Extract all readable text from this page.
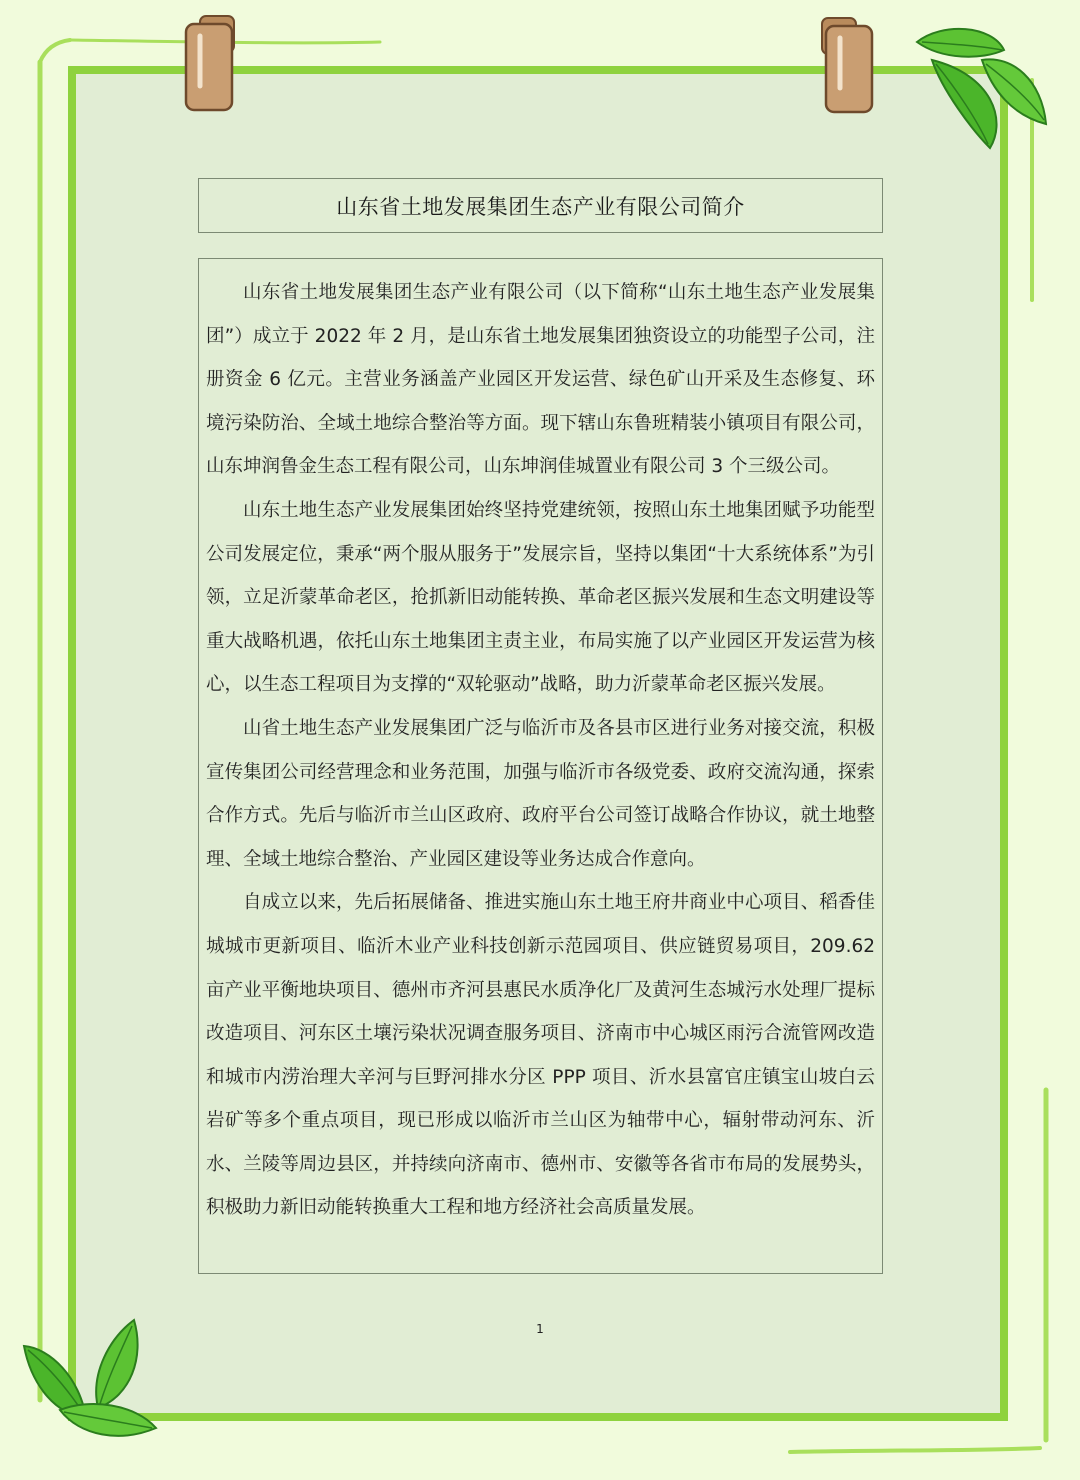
山东省土地发展集团生态产业有限公司简介

山东省土地发展集团生态产业有限公司（以下简称“山东土地生态产业发展集团”）成立于 2022 年 2 月，是山东省土地发展集团独资设立的功能型子公司，注册资金 6 亿元。主营业务涵盖产业园区开发运营、绿色矿山开采及生态修复、环境污染防治、全域土地综合整治等方面。现下辖山东鲁班精装小镇项目有限公司，山东坤润鲁金生态工程有限公司，山东坤润佳城置业有限公司 3 个三级公司。

山东土地生态产业发展集团始终坚持党建统领，按照山东土地集团赋予功能型公司发展定位，秉承“两个服从服务于”发展宗旨，坚持以集团“十大系统体系”为引领，立足沂蒙革命老区，抢抓新旧动能转换、革命老区振兴发展和生态文明建设等重大战略机遇，依托山东土地集团主责主业，布局实施了以产业园区开发运营为核心，以生态工程项目为支撑的“双轮驱动”战略，助力沂蒙革命老区振兴发展。

山省土地生态产业发展集团广泛与临沂市及各县市区进行业务对接交流，积极宣传集团公司经营理念和业务范围，加强与临沂市各级党委、政府交流沟通，探索合作方式。先后与临沂市兰山区政府、政府平台公司签订战略合作协议，就土地整理、全域土地综合整治、产业园区建设等业务达成合作意向。

自成立以来，先后拓展储备、推进实施山东土地王府井商业中心项目、稻香佳城城市更新项目、临沂木业产业科技创新示范园项目、供应链贸易项目，209.62 亩产业平衡地块项目、德州市齐河县惠民水质净化厂及黄河生态城污水处理厂提标改造项目、河东区土壤污染状况调查服务项目、济南市中心城区雨污合流管网改造和城市内涝治理大辛河与巨野河排水分区 PPP 项目、沂水县富官庄镇宝山坡白云岩矿等多个重点项目，现已形成以临沂市兰山区为轴带中心，辐射带动河东、沂水、兰陵等周边县区，并持续向济南市、德州市、安徽等各省市布局的发展势头，积极助力新旧动能转换重大工程和地方经济社会高质量发展。

1
